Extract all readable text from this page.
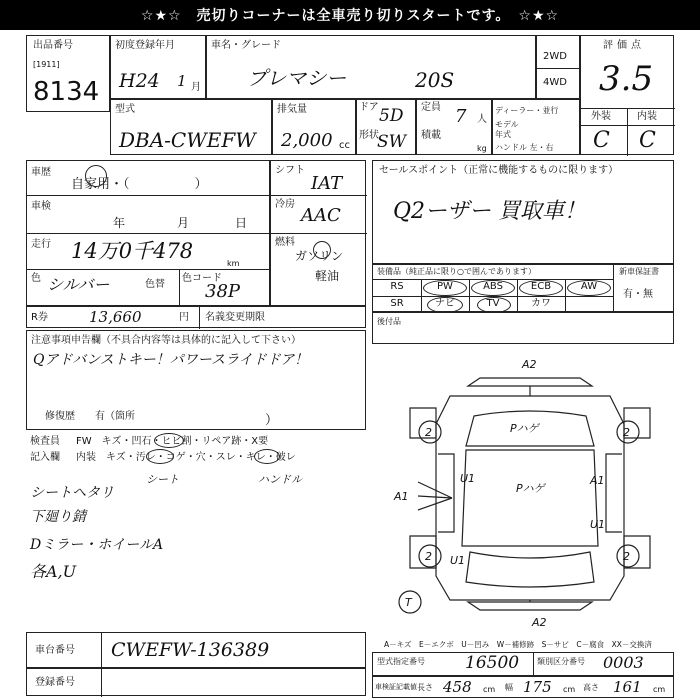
☆★☆　売切りコーナーは全車売り切りスタートです。　☆★☆
出品番号
[1911]
8134
初度登録年月
H24 1 月
車名・グレード
プレマシー	20S
2WD
4WD
評価点
3.5
外装	内装
C C
型式
DBA-CWEFW
排気量
2,000 cc
ドア 5D
形状
SW
定員 7 人
積載
kg
ディーラー・並行
モデル
年式
ハンドル 左・右
車歴
自家用・（　　　　　）
車検
年	月	日
走行 14万0千478
km
色 シルバー	色替
色コード
38P
シフト
IAT
冷房
AAC
燃料
ガソリン
軽油
セールスポイント（正常に機能するものに限ります）
Q2ーザー 買取車！
装備品（純正品に限り○で囲んであります）	新車保証書
有・無
RS	PW	ABS	ECB	AW
SR	ナビ	TV	カワ
後付品
R券	13,660	円 名義変更期限
注意事項申告欄（不具合内容等は具体的に記入して下さい）
Qアドバンストキー！パワースライドドア！
修復歴　　有（箇所	）
検査員
記入欄
FW　キズ・凹石・ヒビ割・リペア跡・X要
内装　キズ・汚レ・コゲ・穴・スレ・キレ・破レ
シート	ハンドル
シートヘタリ
下廻り錆
Dミラー・ホイールA
各A,U
車台番号 CWEFW-136389
登録番号
A2
A2
A1
A1
U1
U1
U1
2	2
2	2
Pハゲ
Pハゲ
T
A－キズ　E－エクボ　U－凹み　W－補修跡　S－サビ　C－腐食　XX－交換済
型式指定番号 16500 類別区分番号 0003
車検証記載値 長さ 458 cm 幅 175 cm 高さ 161 cm
